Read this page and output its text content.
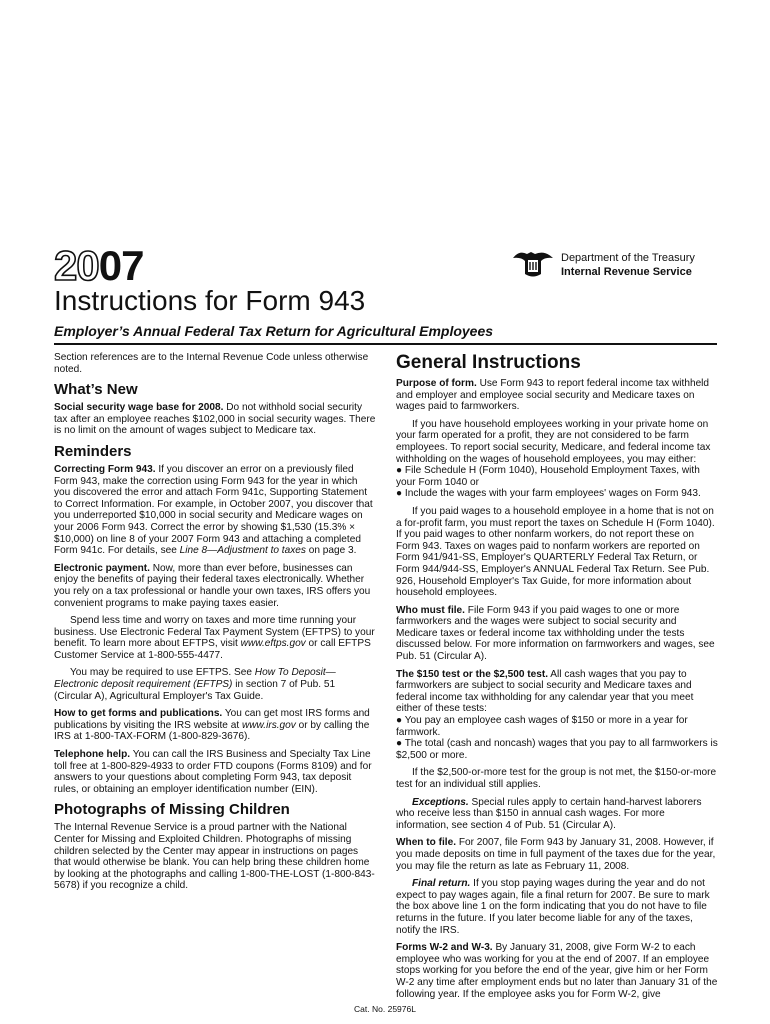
2007	Department of the Treasury
Internal Revenue Service
Instructions for Form 943
Employer’s Annual Federal Tax Return for Agricultural Employees

Section references are to the Internal Revenue Code unless otherwise noted.

What’s New

Social security wage base for 2008. Do not withhold social security tax after an employee reaches $102,000 in social security wages. There is no limit on the amount of wages subject to Medicare tax.

Reminders

Correcting Form 943. If you discover an error on a previously filed Form 943, make the correction using Form 943 for the year in which you discovered the error and attach Form 941c, Supporting Statement to Correct Information. For example, in October 2007, you discover that you underreported $10,000 in social security and Medicare wages on your 2006 Form 943. Correct the error by showing $1,530 (15.3% × $10,000) on line 8 of your 2007 Form 943 and attaching a completed Form 941c. For details, see Line 8—Adjustment to taxes on page 3.

Electronic payment. Now, more than ever before, businesses can enjoy the benefits of paying their federal taxes electronically. Whether you rely on a tax professional or handle your own taxes, IRS offers you convenient programs to make paying taxes easier.

Spend less time and worry on taxes and more time running your business. Use Electronic Federal Tax Payment System (EFTPS) to your benefit. To learn more about EFTPS, visit www.eftps.gov or call EFTPS Customer Service at 1-800-555-4477.

You may be required to use EFTPS. See How To Deposit—Electronic deposit requirement (EFTPS) in section 7 of Pub. 51 (Circular A), Agricultural Employer's Tax Guide.

How to get forms and publications. You can get most IRS forms and publications by visiting the IRS website at www.irs.gov or by calling the IRS at 1-800-TAX-FORM (1-800-829-3676).

Telephone help. You can call the IRS Business and Specialty Tax Line toll free at 1-800-829-4933 to order FTD coupons (Forms 8109) and for answers to your questions about completing Form 943, tax deposit rules, or obtaining an employer identification number (EIN).

Photographs of Missing Children

The Internal Revenue Service is a proud partner with the National Center for Missing and Exploited Children. Photographs of missing children selected by the Center may appear in instructions on pages that would otherwise be blank. You can help bring these children home by looking at the photographs and calling 1-800-THE-LOST (1-800-843-5678) if you recognize a child.

General Instructions

Purpose of form. Use Form 943 to report federal income tax withheld and employer and employee social security and Medicare taxes on wages paid to farmworkers.

If you have household employees working in your private home on your farm operated for a profit, they are not considered to be farm employees. To report social security, Medicare, and federal income tax withholding on the wages of household employees, you may either:

● File Schedule H (Form 1040), Household Employment Taxes, with your Form 1040 or

● Include the wages with your farm employees' wages on Form 943.

If you paid wages to a household employee in a home that is not on a for-profit farm, you must report the taxes on Schedule H (Form 1040). If you paid wages to other nonfarm workers, do not report these on Form 943. Taxes on wages paid to nonfarm workers are reported on Form 941/941-SS, Employer's QUARTERLY Federal Tax Return, or Form 944/944-SS, Employer's ANNUAL Federal Tax Return. See Pub. 926, Household Employer's Tax Guide, for more information about household employees.

Who must file. File Form 943 if you paid wages to one or more farmworkers and the wages were subject to social security and Medicare taxes or federal income tax withholding under the tests discussed below. For more information on farmworkers and wages, see Pub. 51 (Circular A).

The $150 test or the $2,500 test. All cash wages that you pay to farmworkers are subject to social security and Medicare taxes and federal income tax withholding for any calendar year that you meet either of these tests:

● You pay an employee cash wages of $150 or more in a year for farmwork.

● The total (cash and noncash) wages that you pay to all farmworkers is $2,500 or more.

If the $2,500-or-more test for the group is not met, the $150-or-more test for an individual still applies.

Exceptions. Special rules apply to certain hand-harvest laborers who receive less than $150 in annual cash wages. For more information, see section 4 of Pub. 51 (Circular A).

When to file. For 2007, file Form 943 by January 31, 2008. However, if you made deposits on time in full payment of the taxes due for the year, you may file the return as late as February 11, 2008.

Final return. If you stop paying wages during the year and do not expect to pay wages again, file a final return for 2007. Be sure to mark the box above line 1 on the form indicating that you do not have to file returns in the future. If you later become liable for any of the taxes, notify the IRS.

Forms W-2 and W-3. By January 31, 2008, give Form W-2 to each employee who was working for you at the end of 2007. If an employee stops working for you before the end of the year, give him or her Form W-2 any time after employment ends but no later than January 31 of the following year. If the employee asks you for Form W-2, give

Cat. No. 25976L
